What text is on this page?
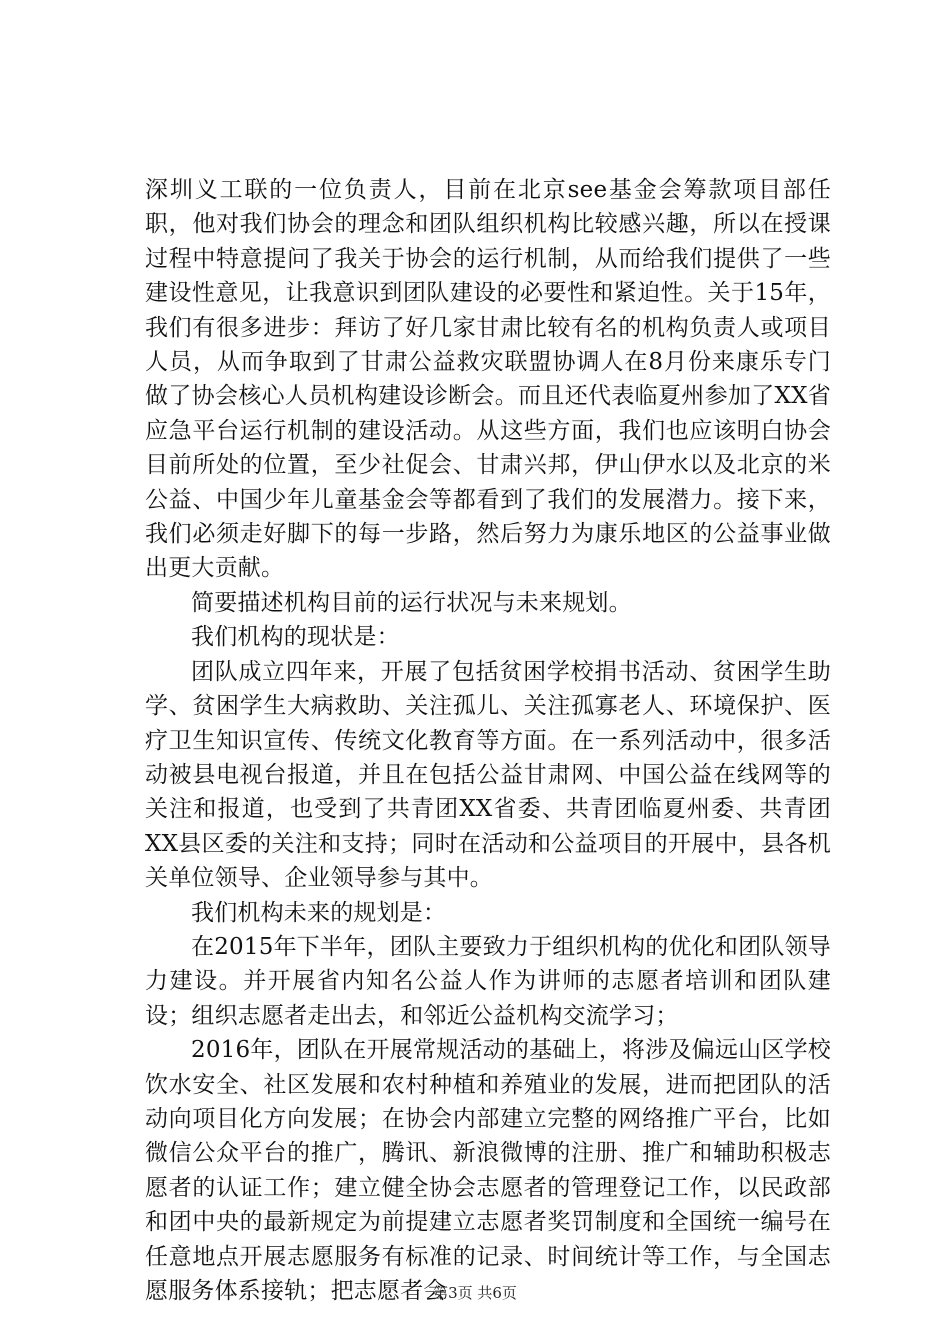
深圳义工联的一位负责人，目前在北京see基金会筹款项目部任职，他对我们协会的理念和团队组织机构比较感兴趣，所以在授课过程中特意提问了我关于协会的运行机制，从而给我们提供了一些建设性意见，让我意识到团队建设的必要性和紧迫性。关于15年，我们有很多进步：拜访了好几家甘肃比较有名的机构负责人或项目人员，从而争取到了甘肃公益救灾联盟协调人在8月份来康乐专门做了协会核心人员机构建设诊断会。而且还代表临夏州参加了XX省应急平台运行机制的建设活动。从这些方面，我们也应该明白协会目前所处的位置，至少社促会、甘肃兴邦，伊山伊水以及北京的米公益、中国少年儿童基金会等都看到了我们的发展潜力。接下来，我们必须走好脚下的每一步路，然后努力为康乐地区的公益事业做出更大贡献。

简要描述机构目前的运行状况与未来规划。

我们机构的现状是：

团队成立四年来，开展了包括贫困学校捐书活动、贫困学生助学、贫困学生大病救助、关注孤儿、关注孤寡老人、环境保护、医疗卫生知识宣传、传统文化教育等方面。在一系列活动中，很多活动被县电视台报道，并且在包括公益甘肃网、中国公益在线网等的关注和报道，也受到了共青团XX省委、共青团临夏州委、共青团XX县区委的关注和支持；同时在活动和公益项目的开展中，县各机关单位领导、企业领导参与其中。

我们机构未来的规划是：

在2015年下半年，团队主要致力于组织机构的优化和团队领导力建设。并开展省内知名公益人作为讲师的志愿者培训和团队建设；组织志愿者走出去，和邻近公益机构交流学习；

2016年，团队在开展常规活动的基础上，将涉及偏远山区学校饮水安全、社区发展和农村种植和养殖业的发展，进而把团队的活动向项目化方向发展；在协会内部建立完整的网络推广平台，比如微信公众平台的推广，腾讯、新浪微博的注册、推广和辅助积极志愿者的认证工作；建立健全协会志愿者的管理登记工作，以民政部和团中央的最新规定为前提建立志愿者奖罚制度和全国统一编号在任意地点开展志愿服务有标准的记录、时间统计等工作，与全国志愿服务体系接轨；把志愿者会

第3页 共6页
